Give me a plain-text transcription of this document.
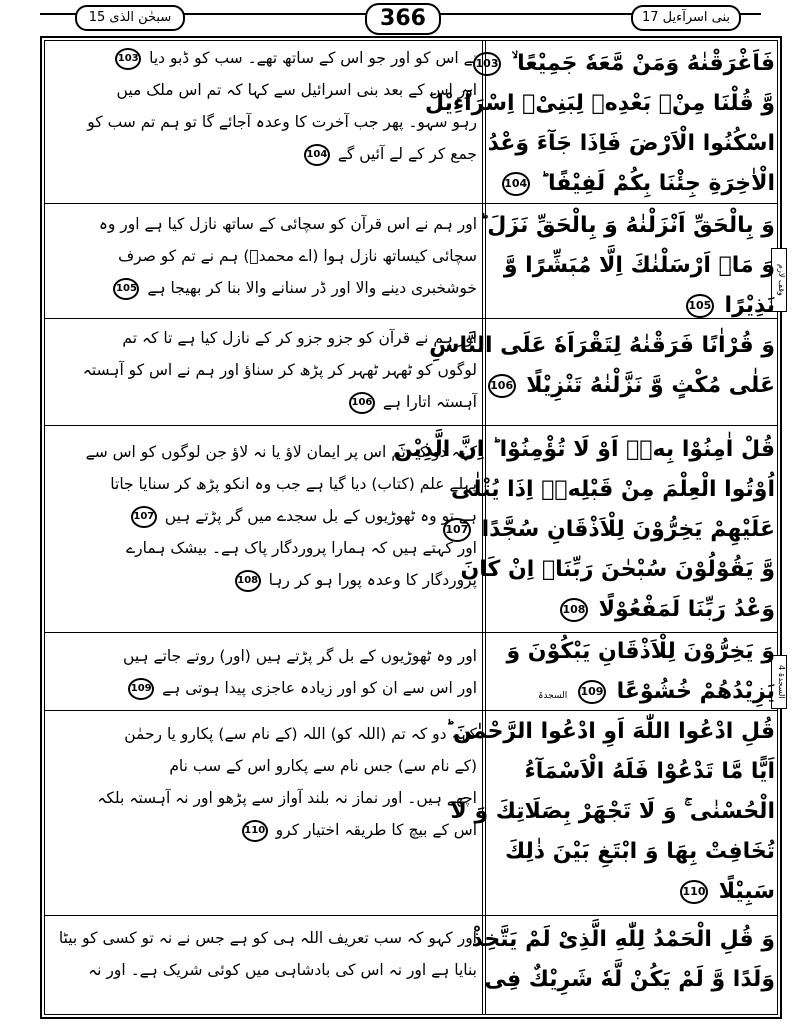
سبحٰن الذی 15	366	بنی اسرآءیل 17
وقف لازم
السجدۃ 4
فَاَغْرَقْنٰهُ وَمَنْ مَّعَهٗ جَمِیْعًا ۙ 103
وَّ قُلْنَا مِنْۢ بَعْدِهٖ لِبَنِیْۤ اِسْرَآءِیْلَ
اسْكُنُوا الْاَرْضَ فَاِذَا جَآءَ وَعْدُ
الْاٰخِرَةِ جِئْنَا بِكُمْ لَفِیْفًا ؕ 104
نے اس کو اور جو اس کے ساتھ تھے۔ سب کو ڈبو دیا 103
اور اس کے بعد بنی اسرائیل سے کہا کہ تم اس ملک میں
رہو سہو۔ پھر جب آخرت کا وعدہ آجائے گا تو ہم تم سب کو
جمع کر کے لے آئیں گے 104
وَ بِالْحَقِّ اَنْزَلْنٰهُ وَ بِالْحَقِّ نَزَلَ ؕ
وَ مَاۤ اَرْسَلْنٰكَ اِلَّا مُبَشِّرًا وَّ
نَذِیْرًا 105
اور ہم نے اس قرآن کو سچائی کے ساتھ نازل کیا ہے اور وہ
سچائی کیساتھ نازل ہوا (اے محمدؐ) ہم نے تم کو صرف
خوشخبری دینے والا اور ڈر سنانے والا بنا کر بھیجا ہے 105
وَ قُرْاٰنًا فَرَقْنٰهُ لِتَقْرَاَهٗ عَلَى النَّاسِ
عَلٰى مُكْثٍ وَّ نَزَّلْنٰهُ تَنْزِیْلًا 106
اور ہم نے قرآن کو جزو جزو کر کے نازل کیا ہے تا کہ تم
لوگوں کو ٹھہر ٹھہر کر پڑھ کر سناؤ اور ہم نے اس کو آہستہ
آہستہ اتارا ہے 106
قُلْ اٰمِنُوْا بِهٖۤ اَوْ لَا تُؤْمِنُوْا ؕ اِنَّ الَّذِیْنَ
اُوْتُوا الْعِلْمَ مِنْ قَبْلِهٖۤ اِذَا یُتْلٰى
عَلَیْهِمْ یَخِرُّوْنَ لِلْاَذْقَانِ سُجَّدًا 107
وَّ یَقُوْلُوْنَ سُبْحٰنَ رَبِّنَاۤ اِنْ كَانَ
وَعْدُ رَبِّنَا لَمَفْعُوْلًا 108
کہہ دو کہ تم اس پر ایمان لاؤ یا نہ لاؤ جن لوگوں کو اس سے
پہلے علم (کتاب) دیا گیا ہے جب وہ انکو پڑھ کر سنایا جاتا
ہے تو وہ ٹھوڑیوں کے بل سجدے میں گر پڑتے ہیں 107
اور کہتے ہیں کہ ہمارا پروردگار پاک ہے۔ بیشک ہمارے
پروردگار کا وعدہ پورا ہو کر رہا 108
وَ یَخِرُّوْنَ لِلْاَذْقَانِ یَبْكُوْنَ وَ
یَزِیْدُهُمْ خُشُوْعًا 109 السجدۃ
اور وہ ٹھوڑیوں کے بل گر پڑتے ہیں (اور) روتے جاتے ہیں
اور اس سے ان کو اور زیادہ عاجزی پیدا ہوتی ہے 109
قُلِ ادْعُوا اللّٰهَ اَوِ ادْعُوا الرَّحْمٰنَ ؕ
اَیًّا مَّا تَدْعُوْا فَلَهُ الْاَسْمَآءُ
الْحُسْنٰى ۚ وَ لَا تَجْهَرْ بِصَلَاتِكَ وَ لَا
تُخَافِتْ بِهَا وَ ابْتَغِ بَیْنَ ذٰلِكَ
سَبِیْلًا 110
کہہ دو کہ تم (اللہ کو) اللہ (کے نام سے) پکارو یا رحمٰن
(کے نام سے) جس نام سے پکارو اس کے سب نام
اچھے ہیں۔ اور نماز نہ بلند آواز سے پڑھو اور نہ آہستہ بلکہ
اس کے بیچ کا طریقہ اختیار کرو 110
وَ قُلِ الْحَمْدُ لِلّٰهِ الَّذِیْ لَمْ یَتَّخِذْ
وَلَدًا وَّ لَمْ یَكُنْ لَّهٗ شَرِیْكٌ فِی
اور کہو کہ سب تعریف اللہ ہی کو ہے جس نے نہ تو کسی کو بیٹا
بنایا ہے اور نہ اس کی بادشاہی میں کوئی شریک ہے۔ اور نہ
